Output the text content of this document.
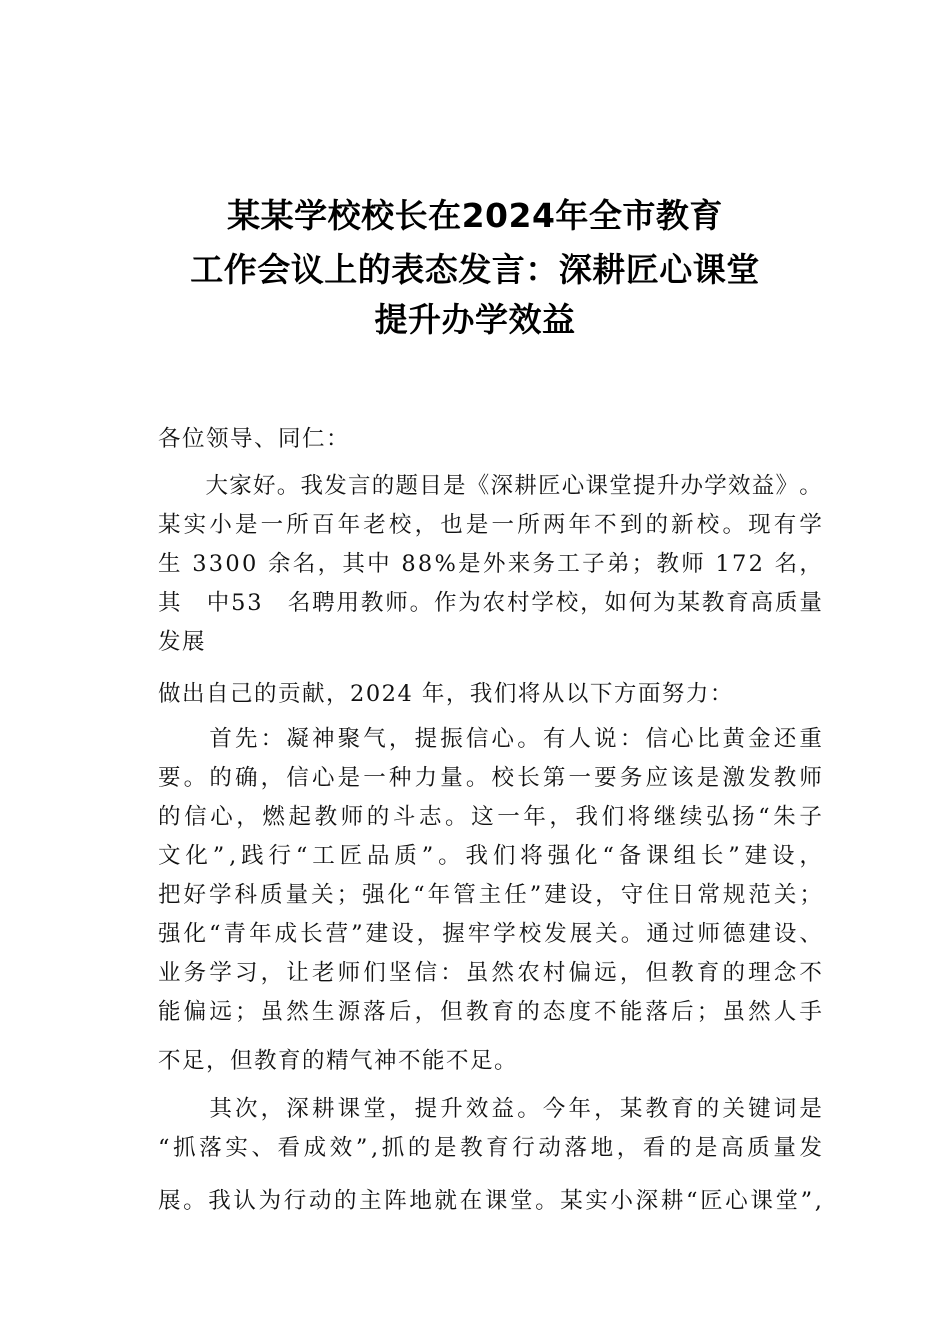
某某学校校长在2024年全市教育
工作会议上的表态发言：深耕匠心课堂
提升办学效益
各位领导、同仁：

大 家 好 。 我 发 言 的 题 目 是 《 深 耕 匠 心 课 堂 提 升 办 学 效 益 》 。
某 实 小 是 一 所 百 年 老 校 ， 也 是 一 所 两 年 不 到 的 新 校 。 现 有 学
生
3 3 0 0
余 名 ， 其 中
8 8 % 是 外 来 务 工 子 弟 ； 教 师
1 7 2
名 ，
其
　 中 5 3
　 名 聘 用 教 师 。 作 为 农 村 学 校 ， 如 何 为 某 教 育 高 质 量
发展
做出自己的贡献，2024 年，我们将从以下方面努力：

首 先 ： 凝 神 聚 气 ， 提 振 信 心 。 有 人 说 ： 信 心 比 黄 金 还 重
要 。 的 确 ， 信 心 是 一 种 力 量 。 校 长 第 一 要 务 应 该 是 激 发 教 师
的 信 心 ， 燃 起 教 师 的 斗 志 。 这 一 年 ， 我 们 将 继 续 弘 扬 “ 朱 子
文 化 ” , 践 行 “ 工 匠 品 质 ” 。 我 们 将 强 化 “ 备 课 组 长 ” 建 设 ，
把 好 学 科 质 量 关 ； 强 化 “ 年 管 主 任 ” 建 设 ， 守 住 日 常 规 范 关 ；
强 化 “ 青 年 成 长 营 ” 建 设 ， 握 牢 学 校 发 展 关 。 通 过 师 德 建 设 、
业 务 学 习 ， 让 老 师 们 坚 信 ： 虽 然 农 村 偏 远 ， 但 教 育 的 理 念 不
能 偏 远 ； 虽 然 生 源 落 后 ， 但 教 育 的 态 度 不 能 落 后 ； 虽 然 人 手
不足，但教育的精气神不能不足。

其 次 ， 深 耕 课 堂 ， 提 升 效 益 。 今 年 ， 某 教 育 的 关 键 词 是
“ 抓 落 实 、 看 成 效 ” , 抓 的 是 教 育 行 动 落 地 ， 看 的 是 高 质 量 发
展 。 我 认 为 行 动 的 主 阵 地 就 在 课 堂 。 某 实 小 深 耕 “ 匠 心 课 堂 ” ,
